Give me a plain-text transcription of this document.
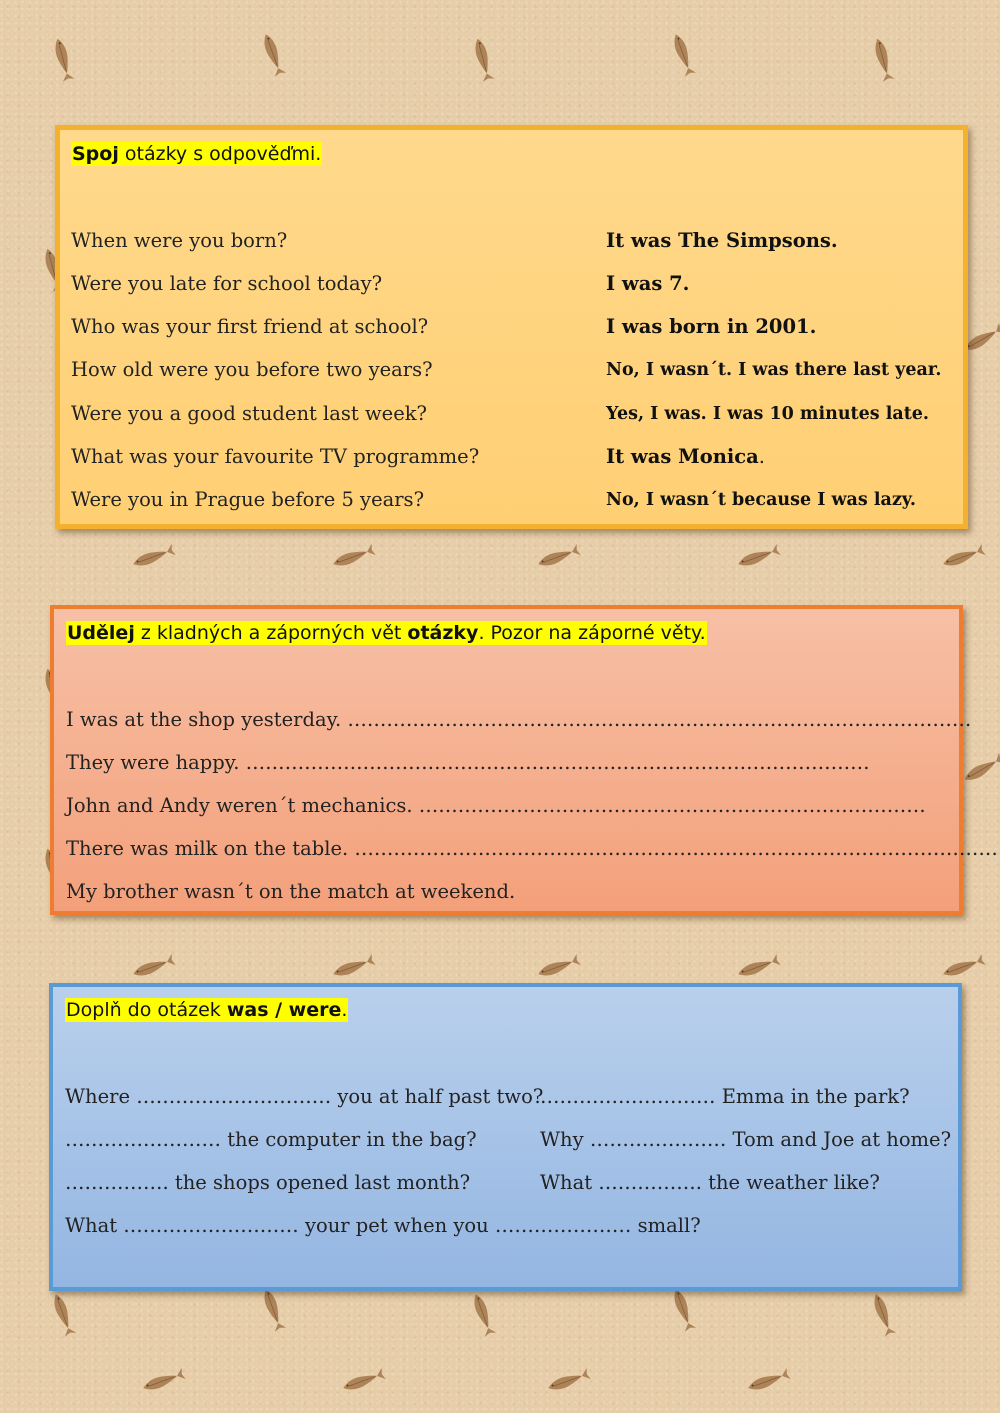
Spoj otázky s odpověďmi.
When were you born?
Were you late for school today?
Who was your first friend at school?
How old were you before two years?
Were you a good student last week?
What was your favourite TV programme?
Were you in Prague before 5 years?
It was The Simpsons.
I was 7.
I was born in 2001.
No, I wasn´t. I was there last year.
Yes, I was. I was 10 minutes late.
It was Monica.
No, I wasn´t because I was lazy.
Udělej z kladných a záporných vět otázky. Pozor na záporné věty.
I was at the shop yesterday. ……………………………………………………………………………………
They were happy. ……………………………………………………………………………………
John and Andy weren´t mechanics. ……………………………………………………………………
There was milk on the table. ………………………………………………………………………………………
My brother wasn´t on the match at weekend.
Doplň do otázek was / were.
Where ………………………… you at half past two?
…………………… the computer in the bag?
……………. the shops opened last month?
What ……………………… your pet when you ………………… small?
……………………… Emma in the park?
Why ………………… Tom and Joe at home?
What ……………. the weather like?
